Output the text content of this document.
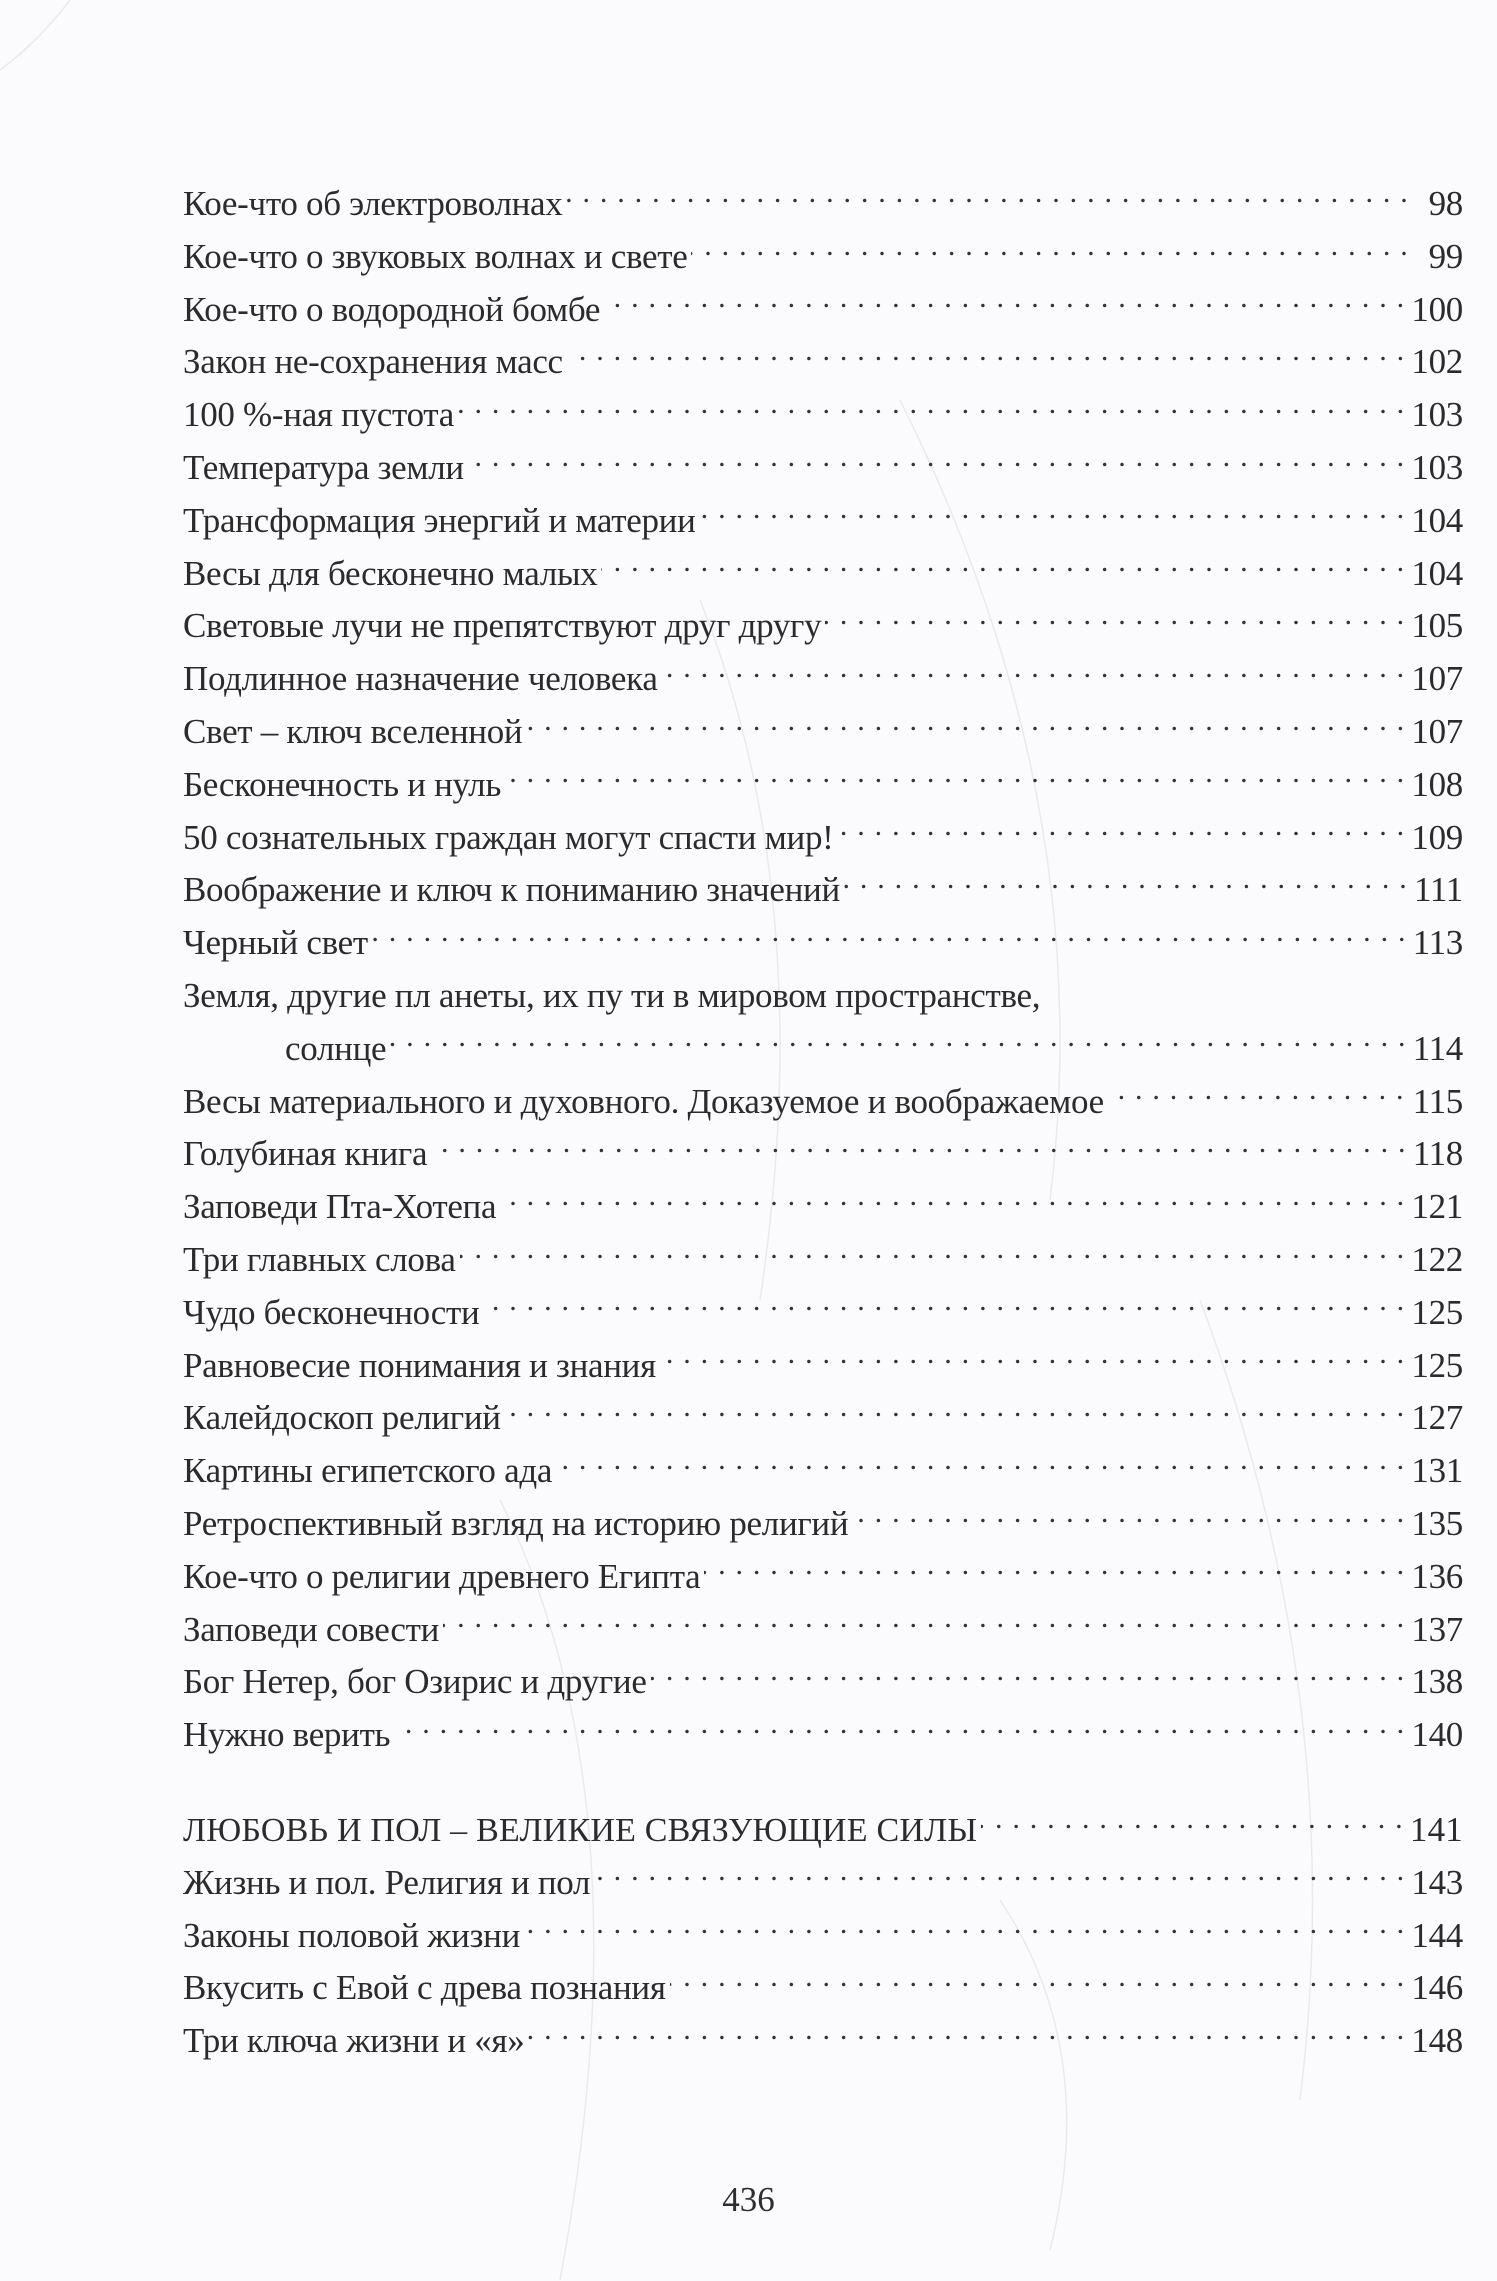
Кое-что об электроволнах . . .	98
Кое-что о звуковых волнах и свете . . .	99
Кое-что о водородной бомбе . . .	100
Закон не-сохранения масс . . .	102
100 %-ная пустота . . .	103
Температура земли . . .	103
Трансформация энергий и материи . . .	104
Весы для бесконечно малых . . .	104
Световые лучи не препятствуют друг другу . . .	105
Подлинное назначение человека . . .	107
Свет – ключ вселенной . . .	107
Бесконечность и нуль . . .	108
50 сознательных граждан могут спасти мир! . . .	109
Воображение и ключ к пониманию значений . . .	111
Черный свет . . .	113
Земля, другие пл анеты, их пу ти в мировом пространстве,
солнце . . .	114
Весы материального и духовного. Доказуемое и воображаемое . . .	115
Голубиная книга . . .	118
Заповеди Пта-Хотепа . . .	121
Три главных слова . . .	122
Чудо бесконечности . . .	125
Равновесие понимания и знания . . .	125
Калейдоскоп религий . . .	127
Картины египетского ада . . .	131
Ретроспективный взгляд на историю религий . . .	135
Кое-что о религии древнего Египта . . .	136
Заповеди совести . . .	137
Бог Нетер, бог Озирис и другие . . .	138
Нужно верить . . .	140
ЛЮБОВЬ И ПОЛ – ВЕЛИКИЕ СВЯЗУЮЩИЕ СИЛЫ . . .	141
Жизнь и пол. Религия и пол . . .	143
Законы половой жизни . . .	144
Вкусить с Евой с древа познания . . .	146
Три ключа жизни и «я» . . .	148
436
